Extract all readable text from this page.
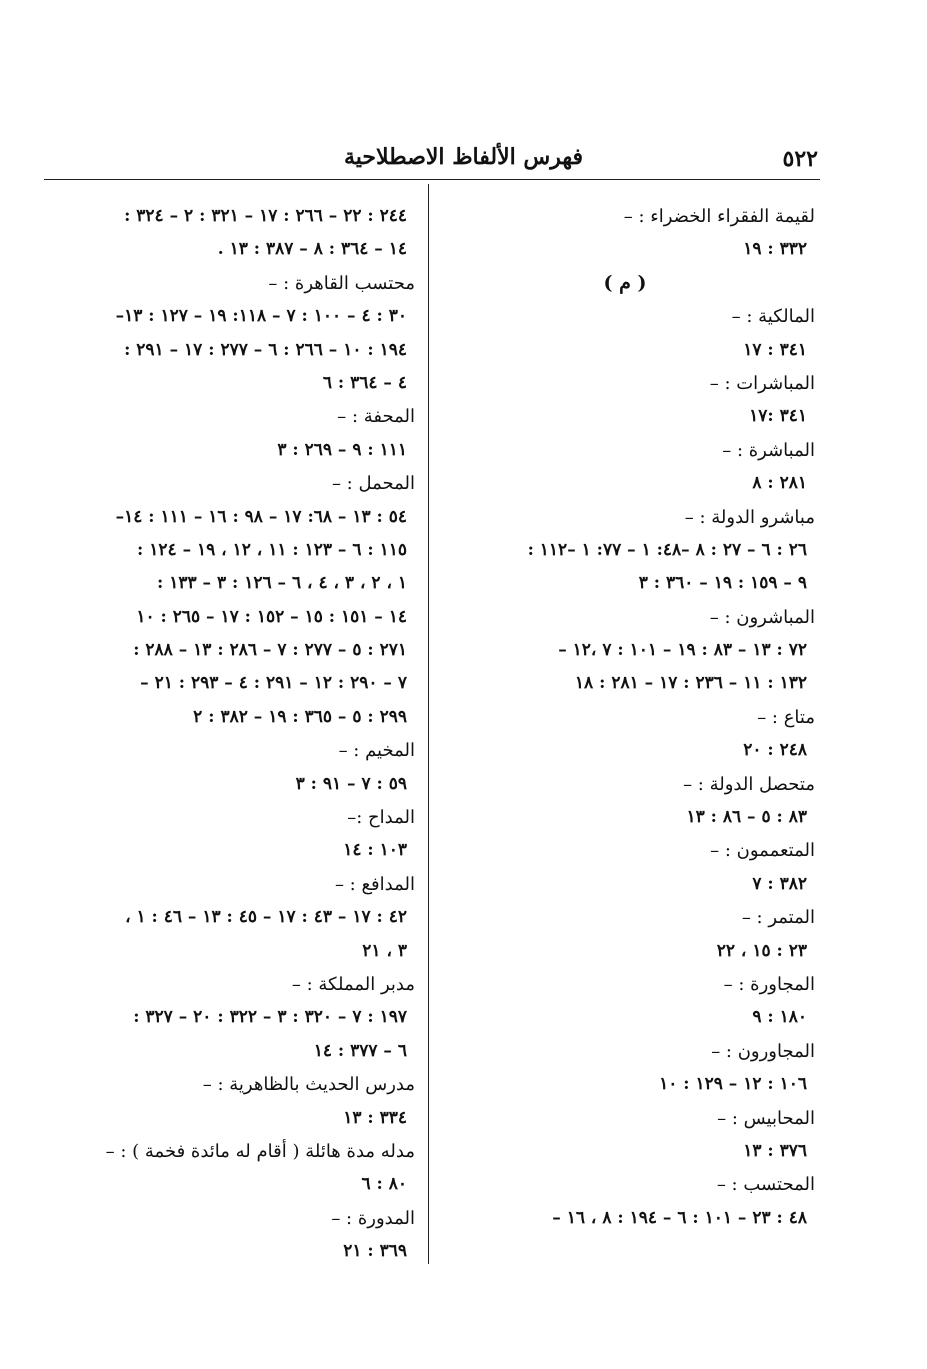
٥٢٢
فهرس الألفاظ الاصطلاحية
لقيمة الفقراء الخضراء : –
٣٣٢ : ١٩
( م )
المالكية : –
٣٤١ : ١٧
المباشرات : –
٣٤١ :١٧
المباشرة : –
٢٨١ : ٨
مباشرو الدولة : –
٢٦ : ٦ – ٢٧ : ٨ –٤٨: ١ – ٧٧: ١ –١١٢ :
٩ – ١٥٩ : ١٩ – ٣٦٠ : ٣
المباشرون : –
٧٢ : ١٣ – ٨٣ : ١٩ – ١٠١ : ٧ ،١٢ –
١٣٢ : ١١ – ٢٣٦ : ١٧ – ٢٨١ : ١٨
متاع : –
٢٤٨ : ٢٠
متحصل الدولة : –
٨٣ : ٥ – ٨٦ : ١٣
المتعممون : –
٣٨٢ : ٧
المتمر : –
٢٣ : ١٥ ، ٢٢
المجاورة : –
١٨٠ : ٩
المجاورون : –
١٠٦ : ١٢ – ١٢٩ : ١٠
المحابيس : –
٣٧٦ : ١٣
المحتسب : –
٤٨ : ٢٣ – ١٠١ : ٦ – ١٩٤ : ٨ ، ١٦ –
٢٤٤ : ٢٢ – ٢٦٦ : ١٧ – ٣٢١ : ٢ – ٣٢٤ :
١٤ – ٣٦٤ : ٨ – ٣٨٧ : ١٣ .
محتسب القاهرة : –
٣٠ : ٤ – ١٠٠ : ٧ – ١١٨: ١٩ – ١٢٧ : ١٣–
١٩٤ : ١٠ – ٢٦٦ : ٦ – ٢٧٧ : ١٧ – ٢٩١ :
٤ – ٣٦٤ : ٦
المحفة : –
١١١ : ٩ – ٢٦٩ : ٣
المحمل : –
٥٤ : ١٣ – ٦٨: ١٧ – ٩٨ : ١٦ – ١١١ : ١٤–
١١٥ : ٦ – ١٢٣ : ١١ ، ١٢ ، ١٩ – ١٢٤ :
١ ، ٢ ، ٣ ، ٤ ، ٦ – ١٢٦ : ٣ – ١٣٣ :
١٤ – ١٥١ : ١٥ – ١٥٢ : ١٧ – ٢٦٥ : ١٠
٢٧١ : ٥ – ٢٧٧ : ٧ – ٢٨٦ : ١٣ – ٢٨٨ :
٧ – ٢٩٠ : ١٢ – ٢٩١ : ٤ – ٢٩٣ : ٢١ –
٢٩٩ : ٥ – ٣٦٥ : ١٩ – ٣٨٢ : ٢
المخيم : –
٥٩ : ٧ – ٩١ : ٣
المداح :–
١٠٣ : ١٤
المدافع : –
٤٢ : ١٧ – ٤٣ : ١٧ – ٤٥ : ١٣ – ٤٦ : ١ ،
٣ ، ٢١
مدبر المملكة : –
١٩٧ : ٧ – ٣٢٠ : ٣ – ٣٢٢ : ٢٠ – ٣٢٧ :
٦ – ٣٧٧ : ١٤
مدرس الحديث بالظاهرية : –
٣٣٤ : ١٣
مدله مدة هائلة ( أقام له مائدة فخمة ) : –
٨٠ : ٦
المدورة : –
٣٦٩ : ٢١
